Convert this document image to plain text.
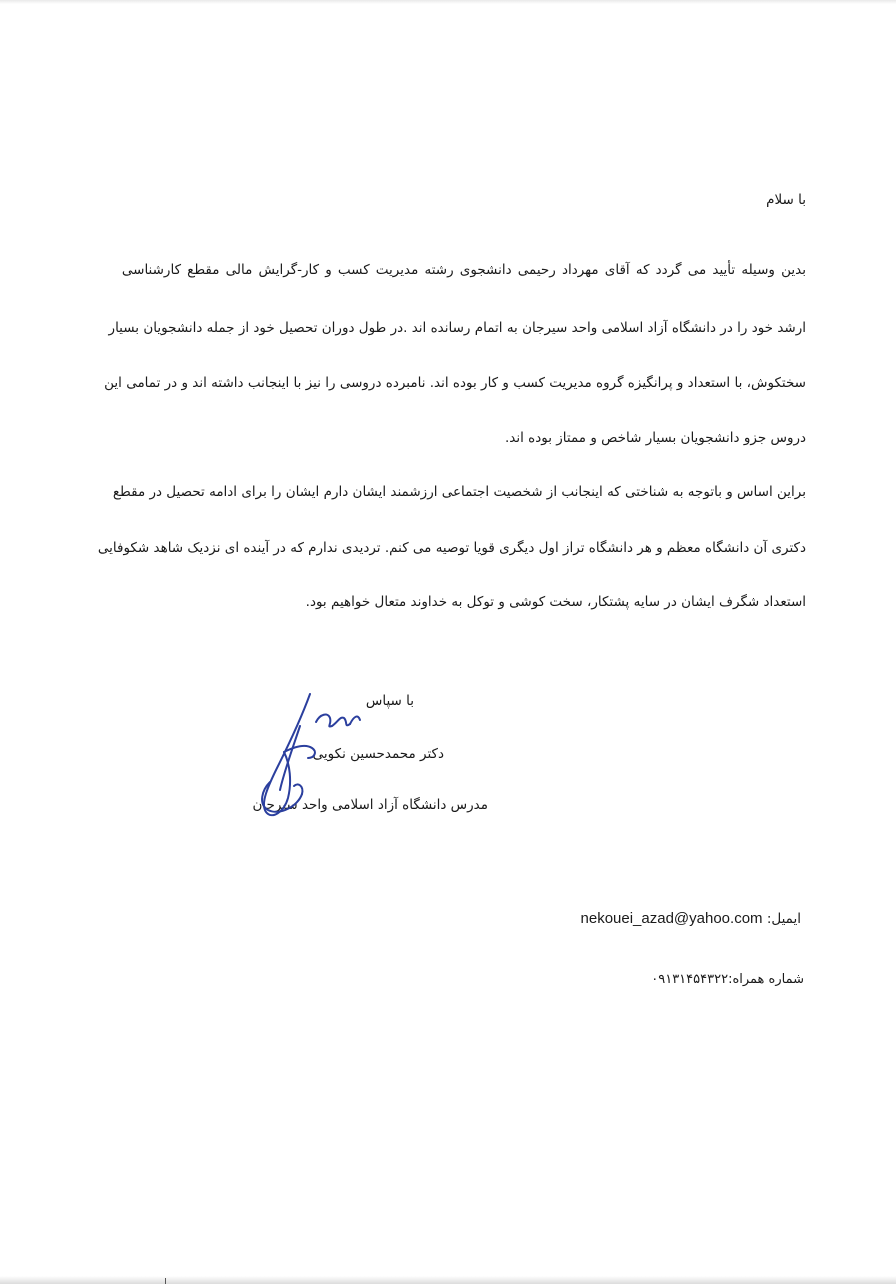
با سلام
بدین وسیله تأیید می گردد که آقای مهرداد رحیمی دانشجوی رشته مدیریت کسب و کار-گرایش مالی مقطع کارشناسی
ارشد خود را در دانشگاه آزاد اسلامی واحد سیرجان به اتمام رسانده اند .در طول دوران تحصیل خود از جمله دانشجویان بسیار
سختکوش، با استعداد و پرانگیزه گروه مدیریت کسب و کار بوده اند. نامبرده دروسی را نیز با اینجانب داشته اند و در تمامی این
دروس جزو دانشجویان بسیار شاخص و ممتاز بوده اند.
براین اساس و باتوجه به شناختی که اینجانب از شخصیت اجتماعی ارزشمند ایشان دارم ایشان را برای ادامه تحصیل در مقطع
دکتری آن دانشگاه معظم و هر دانشگاه تراز اول دیگری قویا توصیه می کنم. تردیدی ندارم که در آینده ای نزدیک شاهد شکوفایی
استعداد شگرف ایشان در سایه پشتکار، سخت کوشی و توکل به خداوند متعال خواهیم بود.
با سپاس
دکتر محمدحسین نکویی
مدرس دانشگاه آزاد اسلامی واحد سیرجان
ایمیل: nekouei_azad@yahoo.com
شماره همراه:۰۹۱۳۱۴۵۴۳۲۲
